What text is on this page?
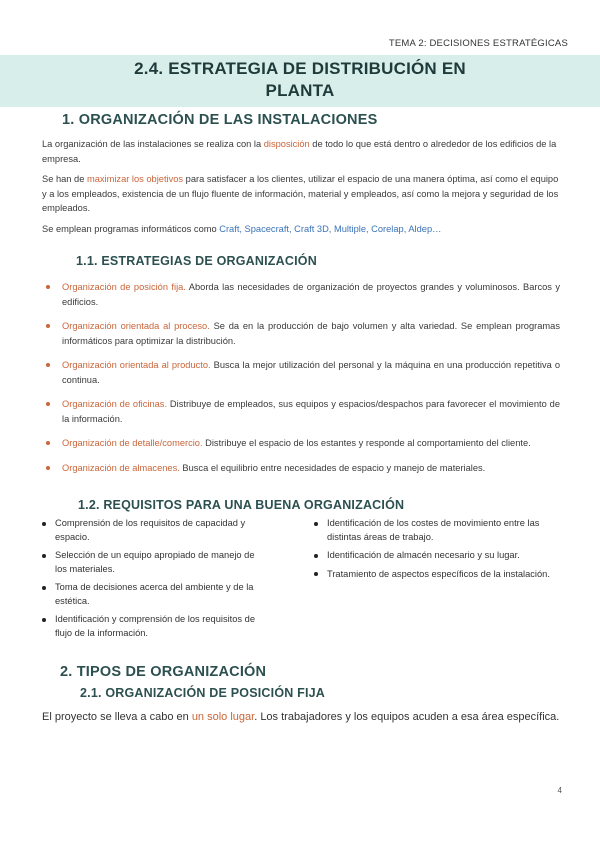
TEMA 2: DECISIONES ESTRATÉGICAS
2.4. ESTRATEGIA DE DISTRIBUCIÓN EN
PLANTA
1. ORGANIZACIÓN DE LAS INSTALACIONES
La organización de las instalaciones se realiza con la disposición de todo lo que está dentro o alrededor de los edificios de la empresa.
Se han de maximizar los objetivos para satisfacer a los clientes, utilizar el espacio de una manera óptima, así como el equipo y a los empleados, existencia de un flujo fluente de información, material y empleados, así como la mejora y seguridad de los empleados.
Se emplean programas informáticos como Craft, Spacecraft, Craft 3D, Multiple, Corelap, Aldep…
1.1. ESTRATEGIAS DE ORGANIZACIÓN
Organización de posición fija. Aborda las necesidades de organización de proyectos grandes y voluminosos. Barcos y edificios.
Organización orientada al proceso. Se da en la producción de bajo volumen y alta variedad. Se emplean programas informáticos para optimizar la distribución.
Organización orientada al producto. Busca la mejor utilización del personal y la máquina en una producción repetitiva o continua.
Organización de oficinas. Distribuye de empleados, sus equipos y espacios/despachos para favorecer el movimiento de la información.
Organización de detalle/comercio. Distribuye el espacio de los estantes y responde al comportamiento del cliente.
Organización de almacenes. Busca el equilibrio entre necesidades de espacio y manejo de materiales.
1.2. REQUISITOS PARA UNA BUENA ORGANIZACIÓN
Comprensión de los requisitos de capacidad y espacio.
Selección de un equipo apropiado de manejo de los materiales.
Toma de decisiones acerca del ambiente y de la estética.
Identificación y comprensión de los requisitos de flujo de la información.
Identificación de los costes de movimiento entre las distintas áreas de trabajo.
Identificación de almacén necesario y su lugar.
Tratamiento de aspectos específicos de la instalación.
2. TIPOS DE ORGANIZACIÓN
2.1. ORGANIZACIÓN DE POSICIÓN FIJA
El proyecto se lleva a cabo en un solo lugar. Los trabajadores y los equipos acuden a esa área específica.
4
